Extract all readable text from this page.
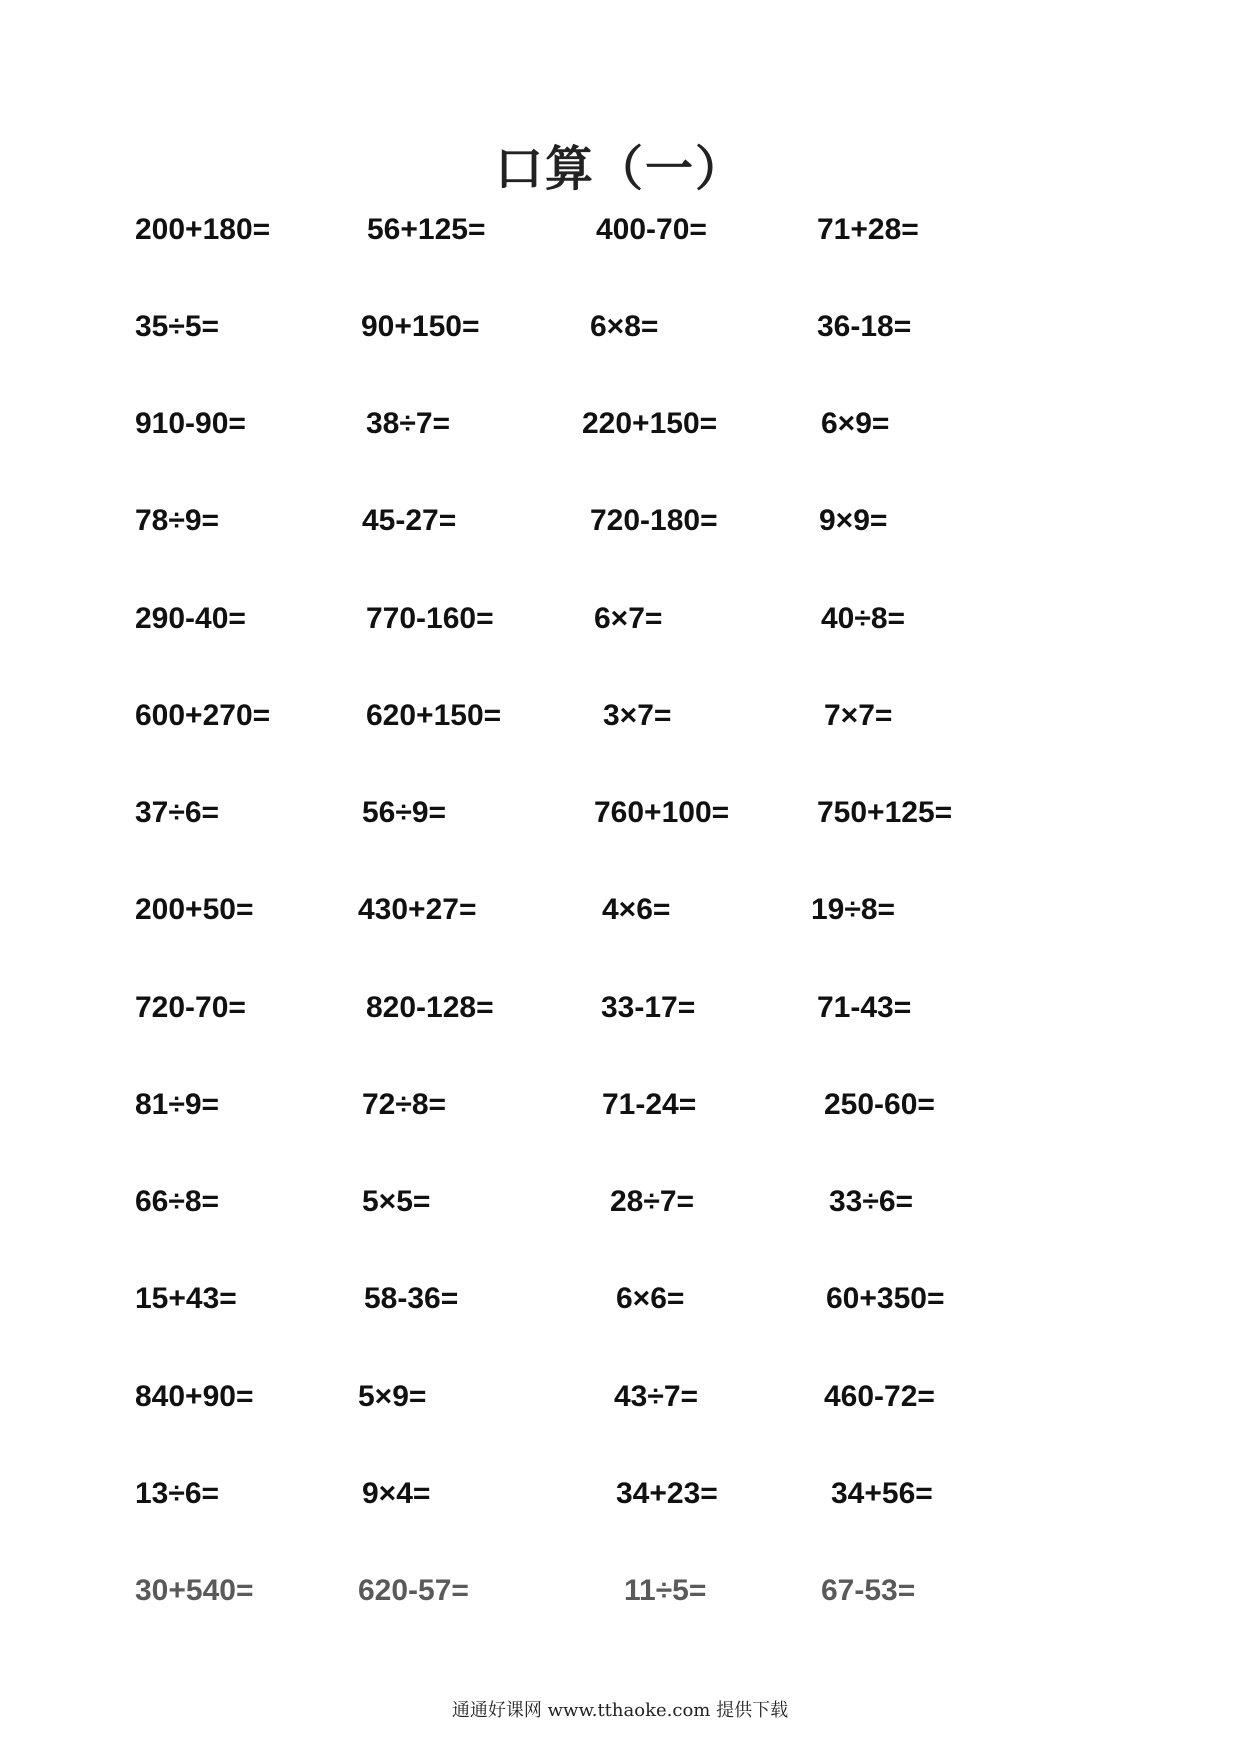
口算（一）
200+180=	56+125=	400-70=	71+28=
35÷5=	90+150=	6×8=	36-18=
910-90=	38÷7=	220+150=	6×9=
78÷9=	45-27=	720-180=	9×9=
290-40=	770-160=	6×7=	40÷8=
600+270=	620+150=	3×7=	7×7=
37÷6=	56÷9=	760+100=	750+125=
200+50=	430+27=	4×6=	19÷8=
720-70=	820-128=	33-17=	71-43=
81÷9=	72÷8=	71-24=	250-60=
66÷8=	5×5=	28÷7=	33÷6=
15+43=	58-36=	6×6=	60+350=
840+90=	5×9=	43÷7=	460-72=
13÷6=	9×4=	34+23=	34+56=
30+540=	620-57=	11÷5=	67-53=
通通好课网 www.tthaoke.com 提供下载
